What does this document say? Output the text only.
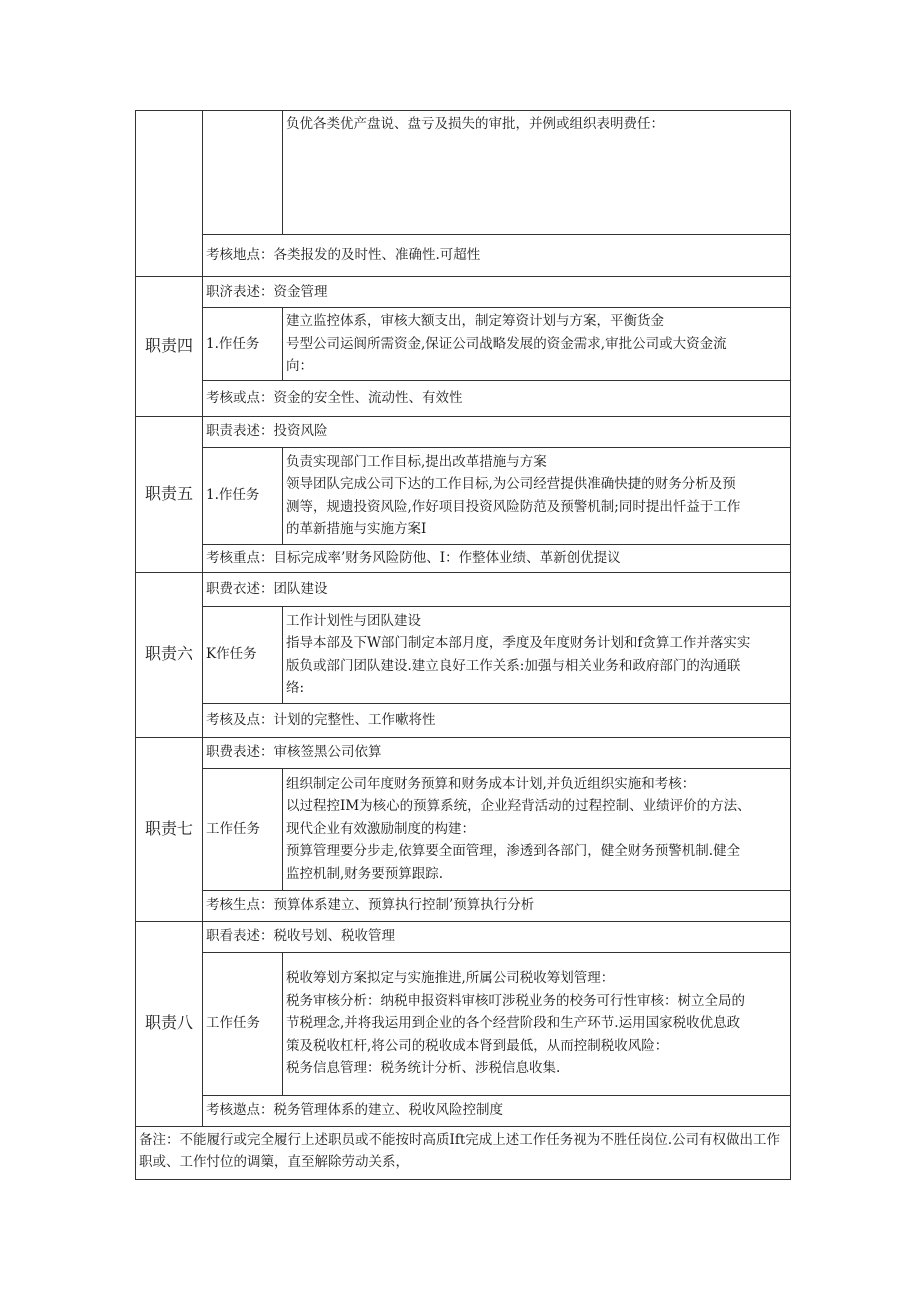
		负优各类优产盘说、盘亏及损失的审批，并例或组织表明费任：

	考核地点：各类报发的及时性、准确性.可超性	
职责四	职济表述：资金管理	
	1.作任务	建立监控体系，审核大额支出，制定筹资计划与方案，平衡货金
号型公司运阆所需资金,保证公司战略发展的资金需求,审批公司或大资金流
向：

	考核或点：资金的安全性、流动性、有效性	
职责五	职责表述：投资风险	
	1.作任务	负责实现部门工作目标,提出改革措施与方案
领导团队完成公司下达的工作目标,为公司经营提供准确快捷的财务分析及预
测等，规遗投资风险,作好项目投资风险防范及预警机制;同时提出忏益于工作
的革新措施与实施方案I

	考核重点：目标完成率’财务风险防他、I：作整体业绩、革新创优提议	
职责六	职费衣述：团队建设	
	K作任务	工作计划性与团队建设
指导本部及下W部门制定本部月度，季度及年度财务计划和f贪算工作并落实实
版负或部门团队建设.建立良好工作关系:加强与相关业务和政府部门的沟通联
络:

	考核及点：计划的完整性、工作嗽将性	
职责七	职费表述：审核签黑公司依算	
	工作任务	组织制定公司年度财务预算和财务成本计划,并负近组织实施和考核：
以过程控IM为核心的预算系统，企业羟背活动的过程控制、业绩评价的方法、
现代企业有效激励制度的构建：
预算管理要分步走,依算要全面管理，渗透到各部门，健全财务预警机制.健全
监控机制,财务要预算跟踪.

	考核生点：预算体系建立、预算执行控制’预算执行分析	
职责八	职看表述：税收号划、税收管理	
	工作任务	税收筹划方案拟定与实施推进,所属公司税收筹划管理：
税务审核分析：纳税申报资料审核叮涉税业务的校务可行性审核：树立全局的
节税理念,并将我运用到企业的各个经营阶段和生产环节.运用国家税收优息政
策及税收杠杆,将公司的税收成本肾到最低，从而控制税收风险：
税务信息管理：税务统计分析、涉税信息收集.

	考核遨点：税务管理体系的建立、税收风险控制度	

备注：不能履行或完全履行上述职员或不能按时高质Ift完成上述工作任务视为不胜任岗位.公司有权做出工作职或、工作忖位的调篥，直至解除劳动关系，		
